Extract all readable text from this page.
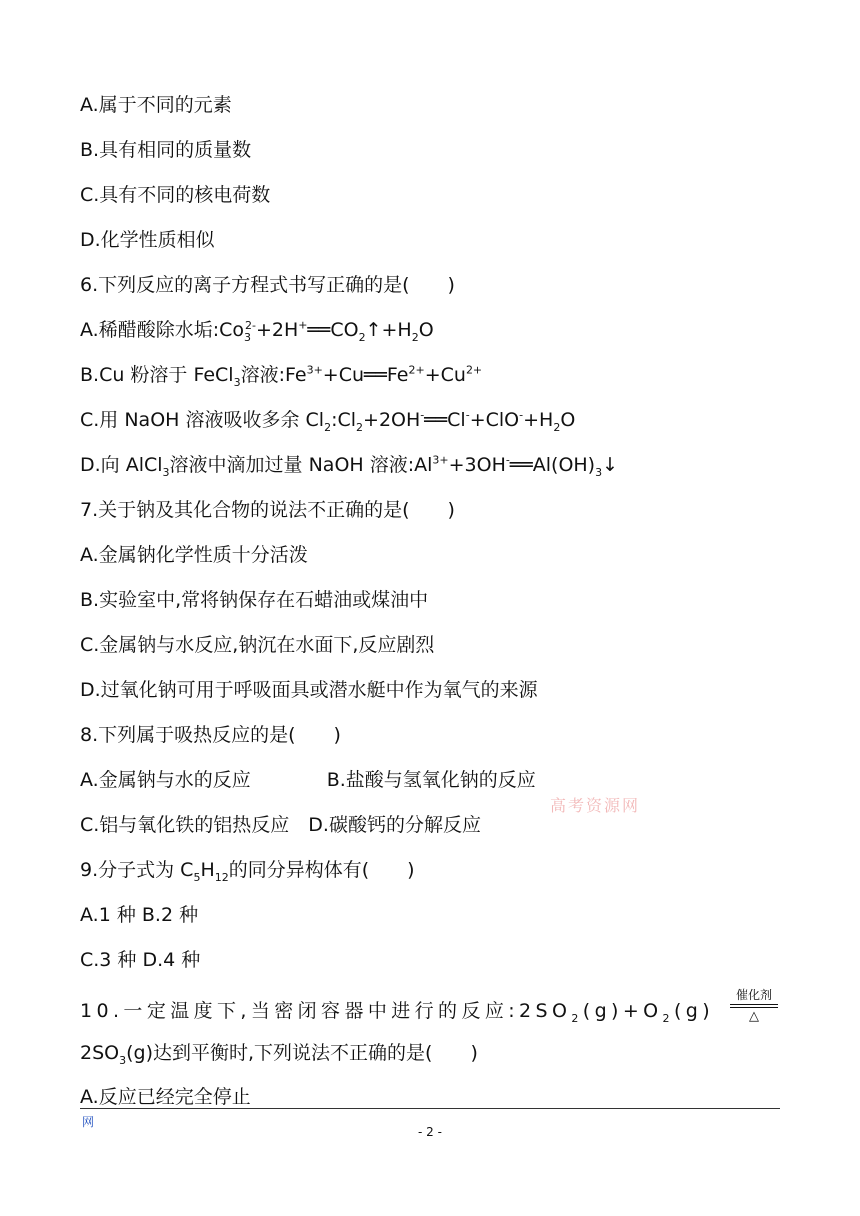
A.属于不同的元素
B.具有相同的质量数
C.具有不同的核电荷数
D.化学性质相似
6.下列反应的离子方程式书写正确的是(　　)
A.稀醋酸除水垢$:Co_3^{2-}+2H^+══CO_2↑+H_2O$
B.Cu 粉溶于 FeCl$_3$溶液$:Fe^{3+}+Cu══Fe^{2+}+Cu^{2+}$
C.用 NaOH 溶液吸收多余 $Cl_2:Cl_2+2OH^-══Cl^-+ClO^-+H_2O$
D.向 AlCl$_3$溶液中滴加过量 NaOH 溶液$:Al^{3+}+3OH^-══Al(OH)_3↓$
7.关于钠及其化合物的说法不正确的是(　　)
A.金属钠化学性质十分活泼
B.实验室中,常将钠保存在石蜡油或煤油中
C.金属钠与水反应,钠沉在水面下,反应剧烈
D.过氧化钠可用于呼吸面具或潜水艇中作为氧气的来源
8.下列属于吸热反应的是(　　)
A.金属钠与水的反应　　　　B.盐酸与氢氧化钠的反应
C.铝与氧化铁的铝热反应　D.碳酸钙的分解反应
9.分子式为 $C_5H_{12}$的同分异构体有(　　)
A.1 种 B.2 种
C.3 种 D.4 种
10.一定温度下,当密闭容器中进行的反应$:2SO_2(g)+O_2(g)$
催化剂
△
$2SO_3(g)$达到平衡时,下列说法不正确的是(　　)
A.反应已经完全停止
高考资源网
网
- 2 -
